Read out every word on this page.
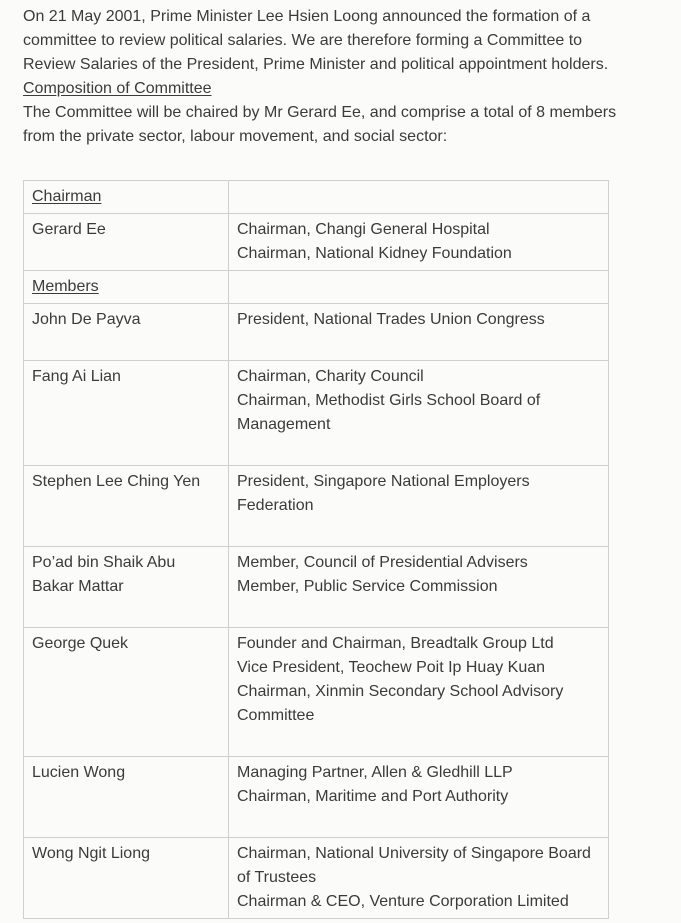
On 21 May 2001, Prime Minister Lee Hsien Loong announced the formation of a committee to review political salaries. We are therefore forming a Committee to Review Salaries of the President, Prime Minister and political appointment holders.

Composition of Committee

The Committee will be chaired by Mr Gerard Ee, and comprise a total of 8 members from the private sector, labour movement, and social sector:

Chairman	
Gerard Ee	Chairman, Changi General Hospital
Chairman, National Kidney Foundation

Members	
John De Payva	President, National Trades Union Congress

Fang Ai Lian	Chairman, Charity Council
Chairman, Methodist Girls School Board of Management

Stephen Lee Ching Yen	President, Singapore National Employers Federation

Po’ad bin Shaik Abu Bakar Mattar	Member, Council of Presidential Advisers
Member, Public Service Commission

George Quek	Founder and Chairman, Breadtalk Group Ltd
Vice President, Teochew Poit Ip Huay Kuan
Chairman, Xinmin Secondary School Advisory Committee

Lucien Wong	Managing Partner, Allen & Gledhill LLP
Chairman, Maritime and Port Authority

Wong Ngit Liong	Chairman, National University of Singapore Board of Trustees
Chairman & CEO, Venture Corporation Limited
